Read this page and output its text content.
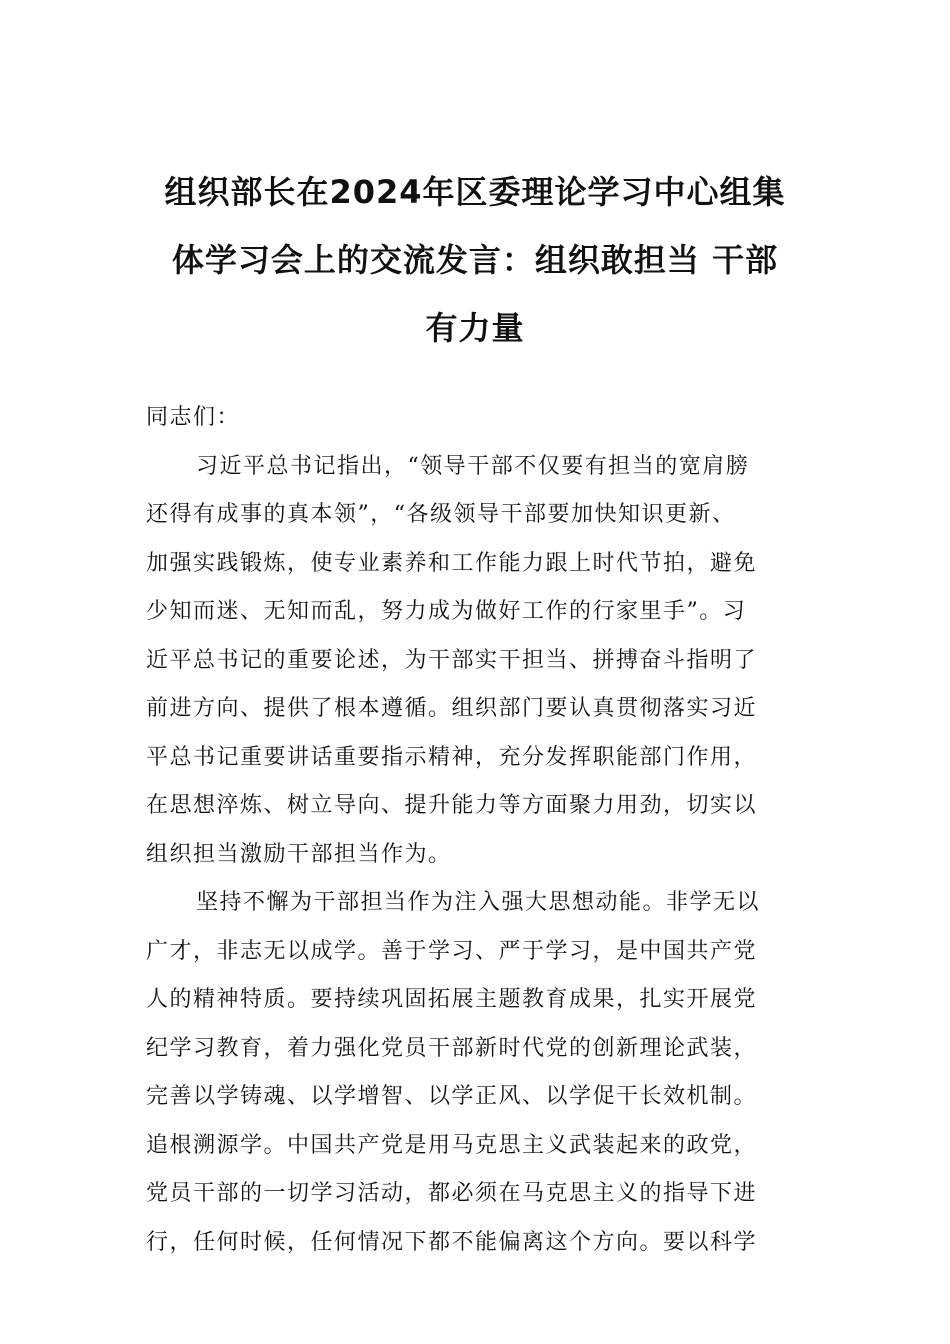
组织部长在2024年区委理论学习中心组集
体学习会上的交流发言：组织敢担当 干部
有力量
同志们：
习近平总书记指出，“领导干部不仅要有担当的宽肩膀
还得有成事的真本领”，“各级领导干部要加快知识更新、
加强实践锻炼，使专业素养和工作能力跟上时代节拍，避免
少知而迷、无知而乱，努力成为做好工作的行家里手”。习
近平总书记的重要论述，为干部实干担当、拼搏奋斗指明了
前进方向、提供了根本遵循。组织部门要认真贯彻落实习近
平总书记重要讲话重要指示精神，充分发挥职能部门作用，
在思想淬炼、树立导向、提升能力等方面聚力用劲，切实以
组织担当激励干部担当作为。
坚持不懈为干部担当作为注入强大思想动能。非学无以
广才，非志无以成学。善于学习、严于学习，是中国共产党
人的精神特质。要持续巩固拓展主题教育成果，扎实开展党
纪学习教育，着力强化党员干部新时代党的创新理论武装，
完善以学铸魂、以学增智、以学正风、以学促干长效机制。
追根溯源学。中国共产党是用马克思主义武装起来的政党，
党员干部的一切学习活动，都必须在马克思主义的指导下进
行，任何时候，任何情况下都不能偏离这个方向。要以科学
